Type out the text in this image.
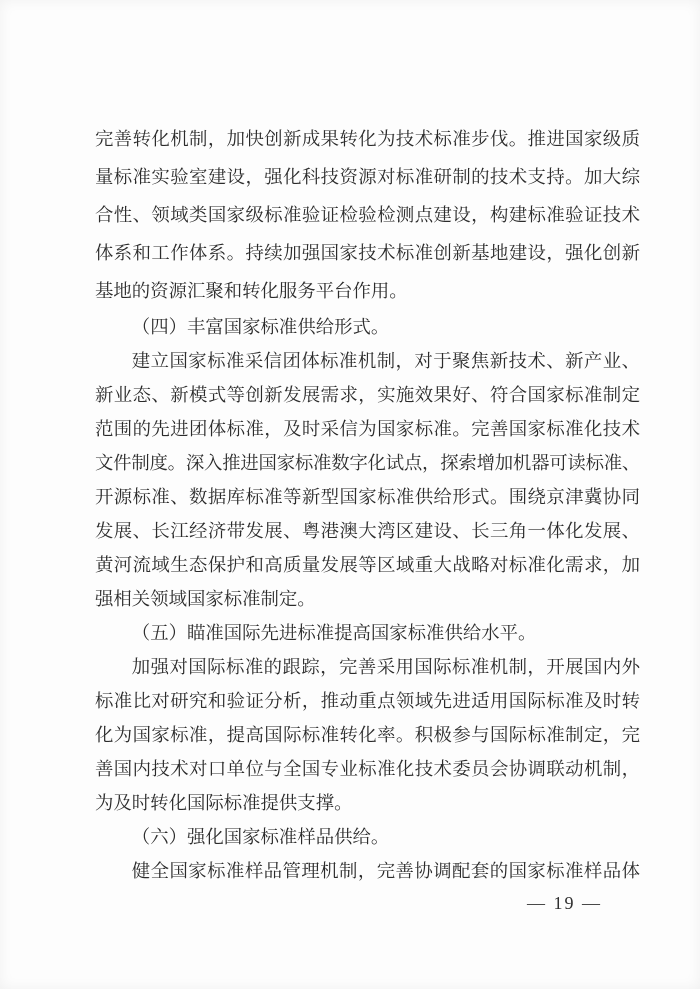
完善转化机制，加快创新成果转化为技术标准步伐。推进国家级质
量标准实验室建设，强化科技资源对标准研制的技术支持。加大综
合性、领域类国家级标准验证检验检测点建设，构建标准验证技术
体系和工作体系。持续加强国家技术标准创新基地建设，强化创新
基地的资源汇聚和转化服务平台作用。
（四）丰富国家标准供给形式。
建立国家标准采信团体标准机制，对于聚焦新技术、新产业、
新业态、新模式等创新发展需求，实施效果好、符合国家标准制定
范围的先进团体标准，及时采信为国家标准。完善国家标准化技术
文件制度。深入推进国家标准数字化试点，探索增加机器可读标准、
开源标准、数据库标准等新型国家标准供给形式。围绕京津冀协同
发展、长江经济带发展、粤港澳大湾区建设、长三角一体化发展、
黄河流域生态保护和高质量发展等区域重大战略对标准化需求，加
强相关领域国家标准制定。
（五）瞄准国际先进标准提高国家标准供给水平。
加强对国际标准的跟踪，完善采用国际标准机制，开展国内外
标准比对研究和验证分析，推动重点领域先进适用国际标准及时转
化为国家标准，提高国际标准转化率。积极参与国际标准制定，完
善国内技术对口单位与全国专业标准化技术委员会协调联动机制，
为及时转化国际标准提供支撑。
（六）强化国家标准样品供给。
健全国家标准样品管理机制，完善协调配套的国家标准样品体
— 19 —
